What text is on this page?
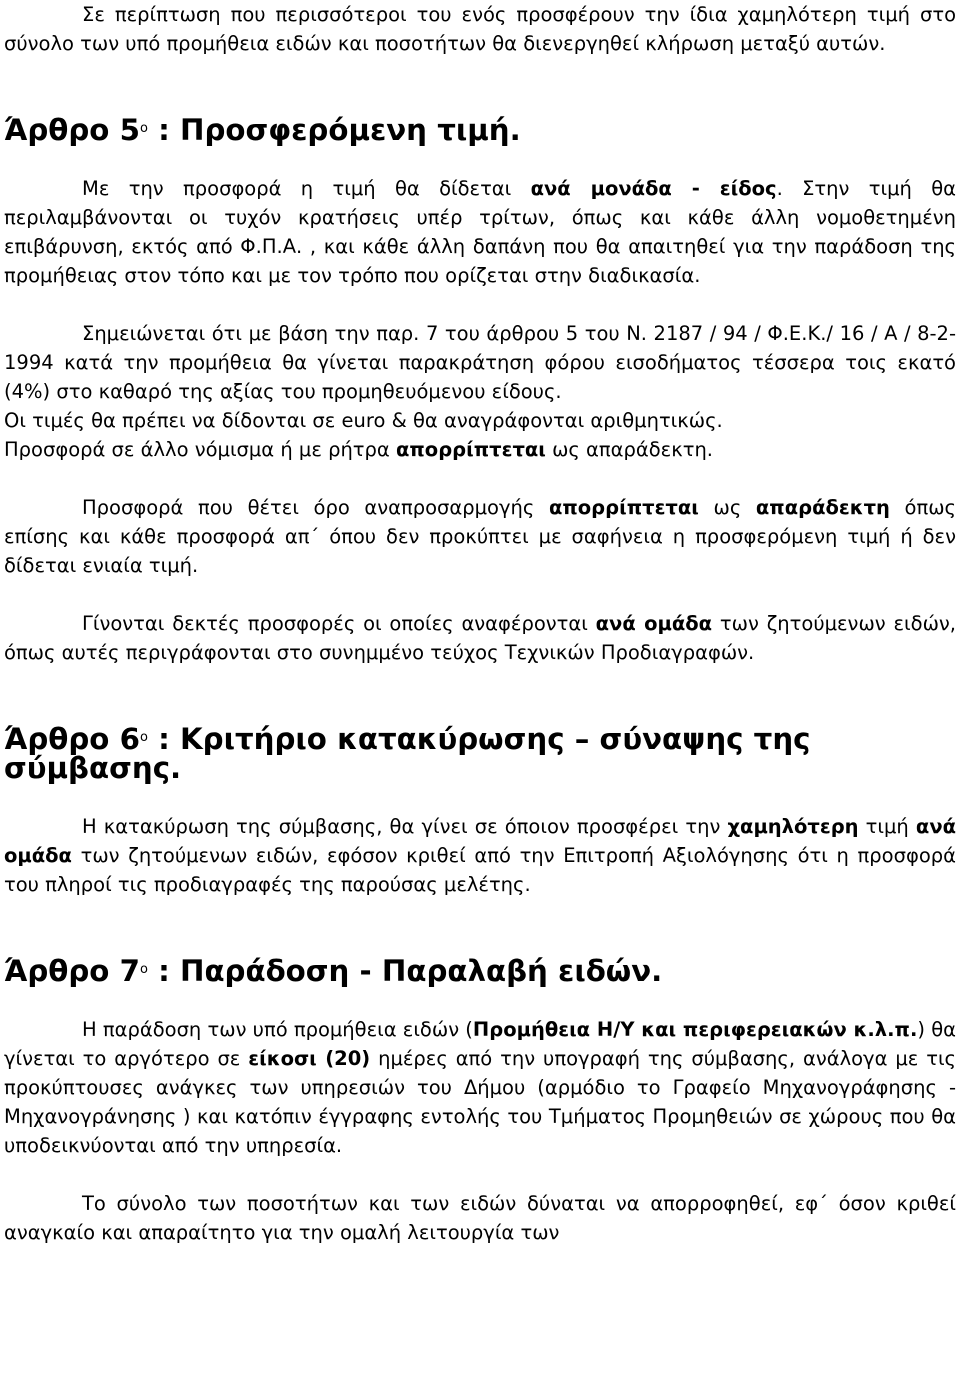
Σε περίπτωση που περισσότεροι του ενός προσφέρουν την ίδια χαμηλότερη τιμή στο σύνολο των υπό προμήθεια ειδών και ποσοτήτων θα διενεργηθεί κλήρωση μεταξύ αυτών.

Άρθρο $5^o$ : Προσφερόμενη τιμή.

Με την προσφορά η τιμή θα δίδεται ανά μονάδα - είδος. Στην τιμή θα περιλαμβάνονται οι τυχόν κρατήσεις υπέρ τρίτων, όπως και κάθε άλλη νομοθετημένη επιβάρυνση, εκτός από Φ.Π.Α. , και κάθε άλλη δαπάνη που θα απαιτηθεί για την παράδοση της προμήθειας στον τόπο και με τον τρόπο που ορίζεται στην διαδικασία.

Σημειώνεται ότι με βάση την παρ. 7 του άρθρου 5 του Ν. 2187 / 94 / Φ.Ε.Κ./ 16 / Α / 8-2-1994 κατά την προμήθεια θα γίνεται παρακράτηση φόρου εισοδήματος τέσσερα τοις εκατό (4%) στο καθαρό της αξίας του προμηθευόμενου είδους.

Οι τιμές θα πρέπει να δίδονται σε euro & θα αναγράφονται αριθμητικώς.

Προσφορά σε άλλο νόμισμα ή με ρήτρα απορρίπτεται ως απαράδεκτη.

Προσφορά που θέτει όρο αναπροσαρμογής απορρίπτεται ως απαράδεκτη όπως επίσης και κάθε προσφορά απ΄ όπου δεν προκύπτει με σαφήνεια η προσφερόμενη τιμή ή δεν δίδεται ενιαία τιμή.

Γίνονται δεκτές προσφορές οι οποίες αναφέρονται ανά ομάδα των ζητούμενων ειδών, όπως αυτές περιγράφονται στο συνημμένο τεύχος Τεχνικών Προδιαγραφών.

Άρθρο $6^o$ : Κριτήριο κατακύρωσης – σύναψης της σύμβασης.

Η κατακύρωση της σύμβασης, θα γίνει σε όποιον προσφέρει την χαμηλότερη τιμή ανά ομάδα των ζητούμενων ειδών, εφόσον κριθεί από την Επιτροπή Αξιολόγησης ότι η προσφορά του πληροί τις προδιαγραφές της παρούσας μελέτης.

Άρθρο $7^o$ : Παράδοση - Παραλαβή ειδών.

Η παράδοση των υπό προμήθεια ειδών (Προμήθεια Η/Υ και περιφερειακών κ.λ.π.) θα γίνεται το αργότερο σε είκοσι (20) ημέρες από την υπογραφή της σύμβασης, ανάλογα με τις προκύπτουσες ανάγκες των υπηρεσιών του Δήμου (αρμόδιο το Γραφείο Μηχανογράφησης - Μηχανογράνησης ) και κατόπιν έγγραφης εντολής του Τμήματος Προμηθειών σε χώρους που θα υποδεικνύονται από την υπηρεσία.

Το σύνολο των ποσοτήτων και των ειδών δύναται να απορροφηθεί, εφ΄ όσον κριθεί αναγκαίο και απαραίτητο για την ομαλή λειτουργία των
